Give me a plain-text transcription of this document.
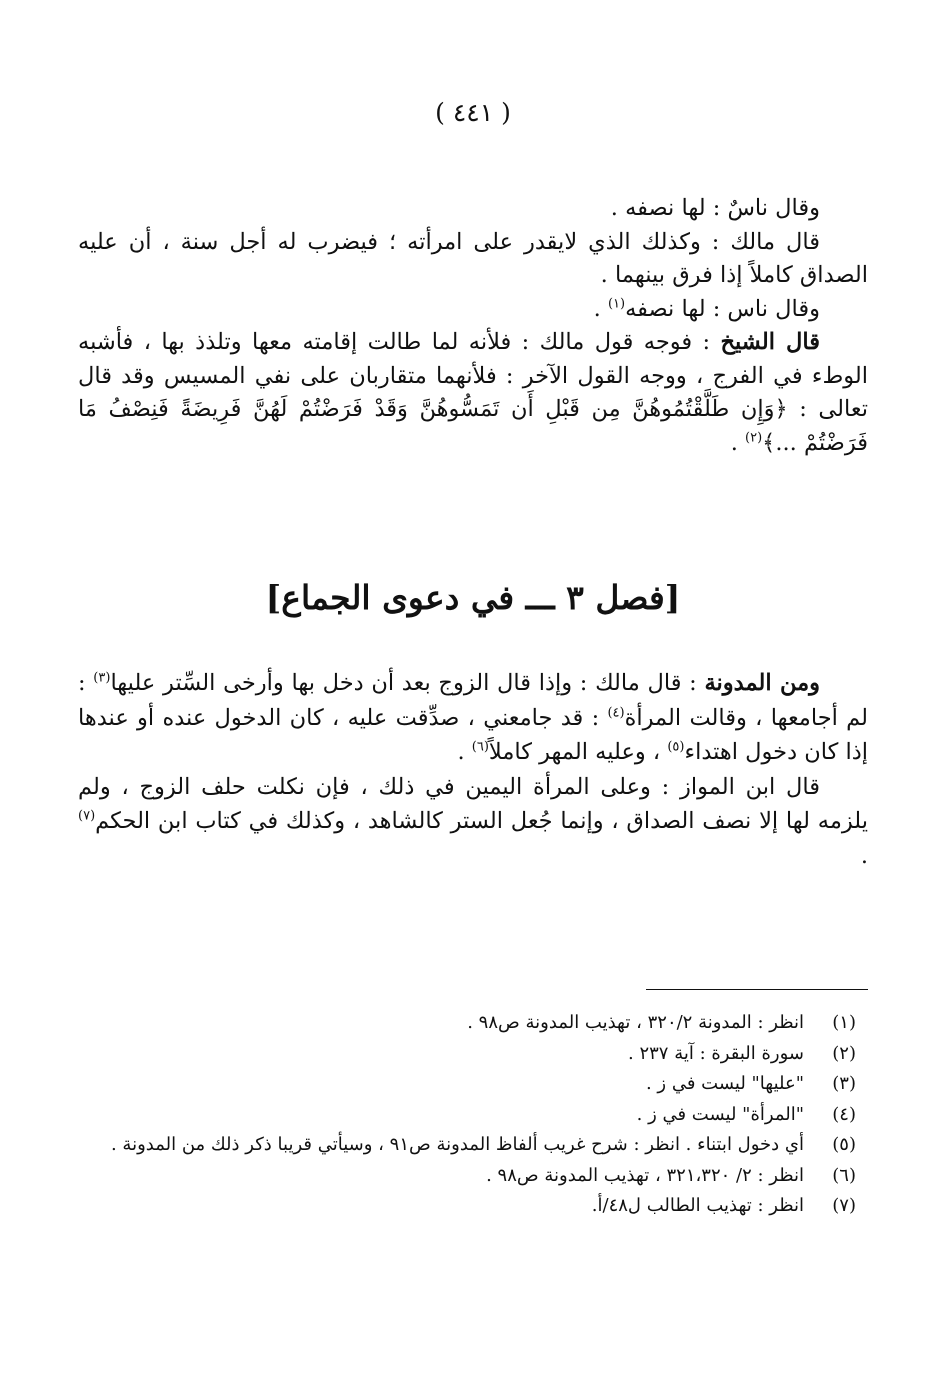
( ٤٤١ )

وقال ناسٌ : لها نصفه .

قال مالك : وكذلك الذي لايقدر على امرأته ؛ فيضرب له أجل سنة ، أن عليه الصداق كاملاً إذا فرق بينهما .

وقال ناس : لها نصفه$^{(١)}$ .

قال الشيخ : فوجه قول مالك : فلأنه لما طالت إقامته معها وتلذذ بها ، فأشبه الوطء في الفرج ، ووجه القول الآخر : فلأنهما متقاربان على نفي المسيس وقد قال تعالى : ﴿وَإِن طَلَّقْتُمُوهُنَّ مِن قَبْلِ أَن تَمَسُّوهُنَّ وَقَدْ فَرَضْتُمْ لَهُنَّ فَرِيضَةً فَنِصْفُ مَا فَرَضْتُمْ ...﴾$^{(٢)}$ .

[فصل ٣ ـــ في دعوى الجماع]

ومن المدونة : قال مالك : وإذا قال الزوج بعد أن دخل بها وأرخى السِّتر عليها$^{(٣)}$ : لم أجامعها ، وقالت المرأة$^{(٤)}$ : قد جامعني ، صدِّقت عليه ، كان الدخول عنده أو عندها إذا كان دخول اهتداء$^{(٥)}$ ، وعليه المهر كاملاً$^{(٦)}$ .

قال ابن المواز : وعلى المرأة اليمين في ذلك ، فإن نكلت حلف الزوج ، ولم يلزمه لها إلا نصف الصداق ، وإنما جُعل الستر كالشاهد ، وكذلك في كتاب ابن الحكم$^{(٧)}$ .

(١)
انظر : المدونة ٣٢٠/٢ ، تهذيب المدونة ص٩٨ .
(٢)
سورة البقرة : آية ٢٣٧ .
(٣)
"عليها" ليست في ز .
(٤)
"المرأة" ليست في ز .
(٥)
أي دخول ابتناء . انظر : شرح غريب ألفاظ المدونة ص٩١ ، وسيأتي قريبا ذكر ذلك من المدونة .
(٦)
انظر : ٢/ ٣٢١،٣٢٠ ، تهذيب المدونة ص٩٨ .
(٧)
انظر : تهذيب الطالب ل٤٨/أ.
